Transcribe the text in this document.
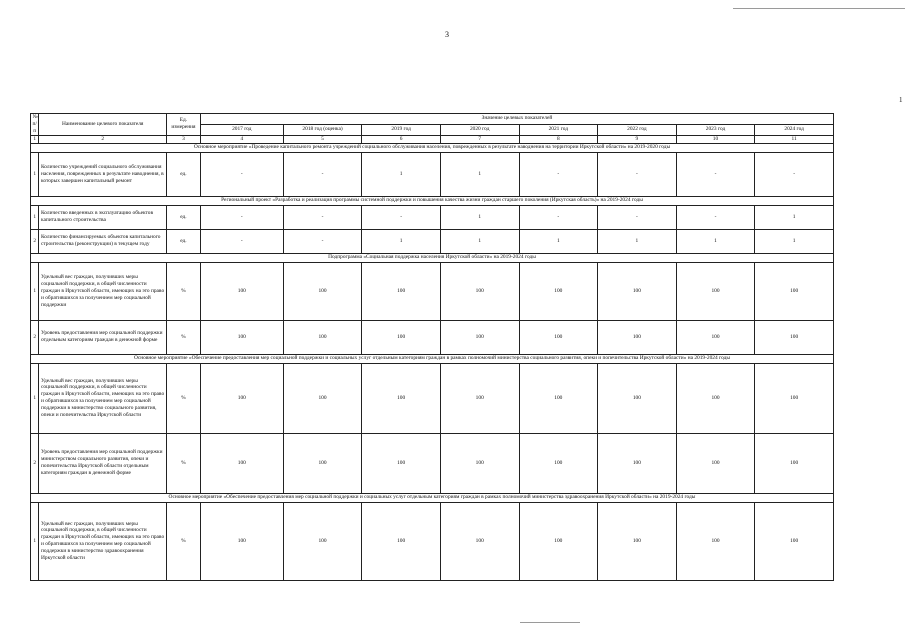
3
1
№ п/п	Наименование целевого показателя	Ед. измерения	Значение целевых показателей							
			2017 год	2018 год (оценка)	2019 год	2020 год	2021 год	2022 год	2023 год	2024 год
1	2	3	4	5	6	7	8	9	10	11
Основное мероприятие «Проведение капитального ремонта учреждений социального обслуживания населения, поврежденных в результате наводнения на территории Иркутской области» на 2019-2020 годы										
1	Количество учреждений социального обслуживания населения, поврежденных в результате наводнения, в которых завершен капитальный ремонт	ед.	-	-	1	1	-	-	-	-
Региональный проект «Разработка и реализация программы системной поддержки и повышения качества жизни граждан старшего поколения (Иркутская область)» на 2019-2024 годы										
1	Количество введенных в эксплуатацию объектов капитального строительства	ед.	-	-	-	1	-	-	-	1
2	Количество финансируемых объектов капитального строительства (реконструкции) в текущем году	ед.	-	-	1	1	1	1	1	1
Подпрограмма «Социальная поддержка населения Иркутской области» на 2019-2024 годы										
1	Удельный вес граждан, получивших меры социальной поддержки, в общей численности граждан в Иркутской области, имеющих на это право и обратившихся за получением мер социальной поддержки	%	100	100	100	100	100	100	100	100
2	Уровень предоставления мер социальной поддержки отдельным категориям граждан в денежной форме	%	100	100	100	100	100	100	100	100
Основное мероприятие «Обеспечение предоставления мер социальной поддержки и социальных услуг отдельным категориям граждан в рамках полномочий министерства социального развития, опеки и попечительства Иркутской области» на 2019-2024 годы										
1	Удельный вес граждан, получивших меры социальной поддержки, в общей численности граждан в Иркутской области, имеющих на это право и обратившихся за получением мер социальной поддержки в министерство социального развития, опеки и попечительства Иркутской области	%	100	100	100	100	100	100	100	100
2	Уровень предоставления мер социальной поддержки министерством социального развития, опеки и попечительства Иркутской области отдельным категориям граждан в денежной форме	%	100	100	100	100	100	100	100	100
Основное мероприятие «Обеспечение предоставления мер социальной поддержки и социальных услуг отдельным категориям граждан в рамках полномочий министерства здравоохранения Иркутской области» на 2019-2024 годы										
1	Удельный вес граждан, получивших меры социальной поддержки, в общей численности граждан в Иркутской области, имеющих на это право и обратившихся за получением мер социальной поддержки в министерство здравоохранения Иркутской области	%	100	100	100	100	100	100	100	100
